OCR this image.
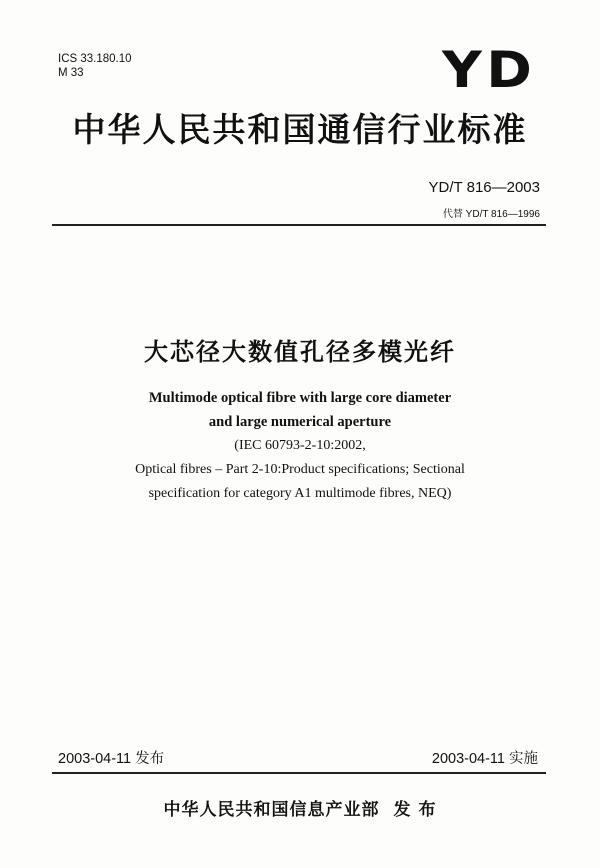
ICS 33.180.10
M 33	YD
中华人民共和国通信行业标准
YD/T 816—2003
代替 YD/T 816—1996
大芯径大数值孔径多模光纤
Multimode optical fibre with large core diameter
and large numerical aperture
(IEC 60793-2-10:2002,
Optical fibres – Part 2-10:Product specifications; Sectional
specification for category A1 multimode fibres, NEQ)
2003-04-11 发布	2003-04-11 实施
中华人民共和国信息产业部 发 布
